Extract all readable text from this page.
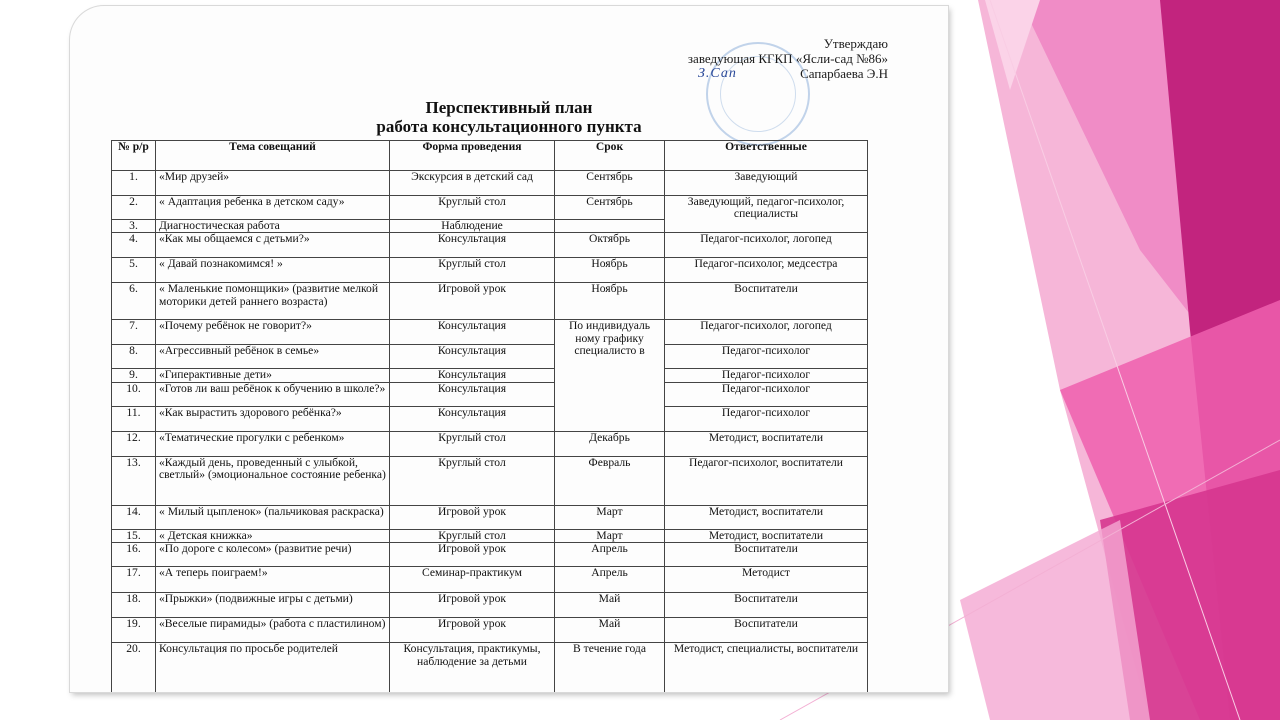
З.Сап
Утверждаю
заведующая КГКП «Ясли-сад №86»
Сапарбаева Э.Н
Перспективный план
работа консультационного пункта
№ р/р	Тема совещаний	Форма проведения	Срок	Ответственные
1.	«Мир друзей»	Экскурсия в детский сад	Сентябрь	Заведующий
2.	« Адаптация ребенка в детском саду»	Круглый стол	Сентябрь	Заведующий, педагог-психолог, специалисты
3.	Диагностическая работа	Наблюдение		
4.	«Как мы общаемся с детьми?»	Консультация	Октябрь	Педагог-психолог, логопед
5.	« Давай познакомимся! »	Круглый стол	Ноябрь	Педагог-психолог, медсестра
6.	« Маленькие помонщики» (развитие мелкой моторики детей раннего возраста)	Игровой урок	Ноябрь	Воспитатели
7.	«Почему ребёнок не говорит?»	Консультация	По индивидуаль ному графику специалисто в	Педагог-психолог, логопед
8.	«Агрессивный ребёнок в семье»	Консультация		Педагог-психолог
9.	«Гиперактивные дети»	Консультация		Педагог-психолог
10.	«Готов ли ваш ребёнок к обучению в школе?»	Консультация		Педагог-психолог
11.	«Как вырастить здорового ребёнка?»	Консультация		Педагог-психолог
12.	«Тематические прогулки с ребенком»	Круглый стол	Декабрь	Методист, воспитатели
13.	«Каждый день, проведенный с улыбкой, светлый» (эмоциональное состояние ребенка)	Круглый стол	Февраль	Педагог-психолог, воспитатели
14.	« Милый цыпленок» (пальчиковая раскраска)	Игровой урок	Март	Методист, воспитатели
15.	« Детская книжка»	Круглый стол	Март	Методист, воспитатели
16.	«По дороге с колесом» (развитие речи)	Игровой урок	Апрель	Воспитатели
17.	«А теперь поиграем!»	Семинар-практикум	Апрель	Методист
18.	«Прыжки» (подвижные игры с детьми)	Игровой урок	Май	Воспитатели
19.	«Веселые пирамиды» (работа с пластилином)	Игровой урок	Май	Воспитатели
20.	Консультация по просьбе родителей	Консультация, практикумы, наблюдение за детьми	В течение года	Методист, специалисты, воспитатели
